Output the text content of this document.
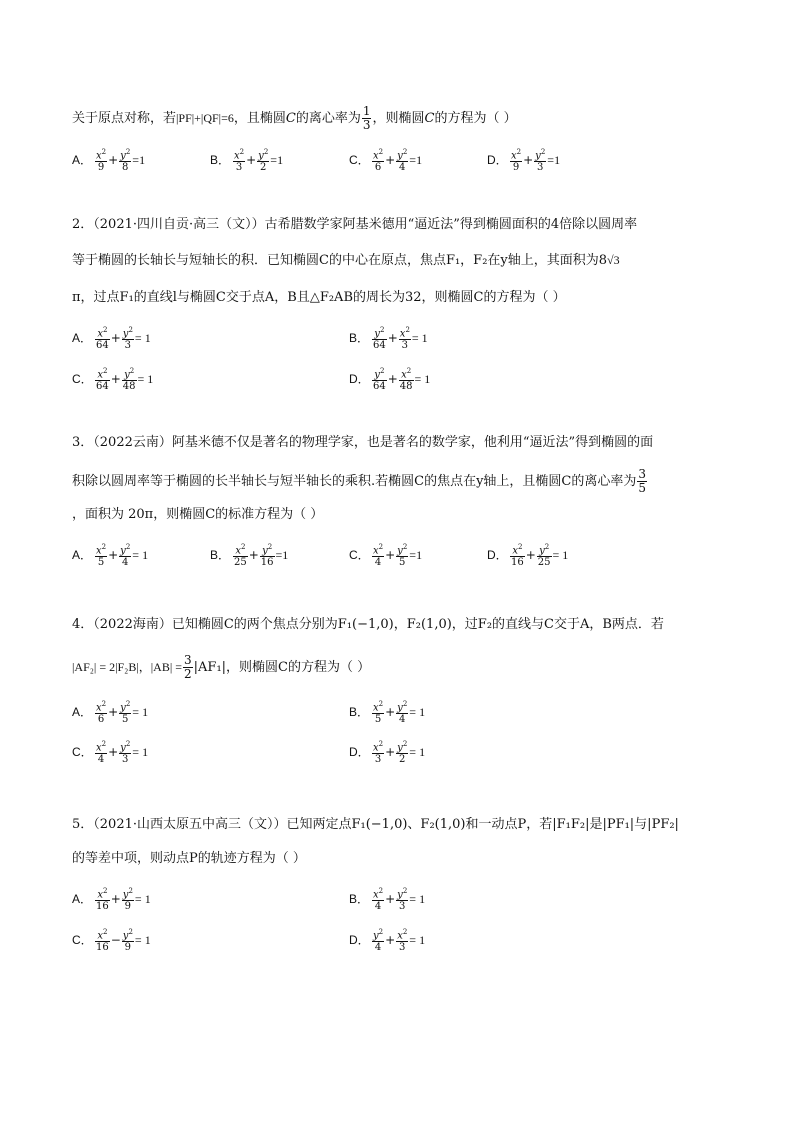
关于原点对称，若|PF|+|QF|=6，且椭圆C的离心率为 $\frac{1}{3}$ ，则椭圆C的方程为（ ）
A． $\frac{x^2}{9} + \frac{y^2}{8} =1$	B． $\frac{x^2}{3} + \frac{y^2}{2} =1$	C． $\frac{x^2}{6} + \frac{y^2}{4} =1$	D． $\frac{x^2}{9} + \frac{y^2}{3} =1$
2．（2021·四川自贡·高三（文））古希腊数学家阿基米德用“逼近法”得到椭圆面积的4倍除以圆周率
等于椭圆的长轴长与短轴长的积．已知椭圆C的中心在原点，焦点F₁，F₂在y轴上，其面积为8√3
π，过点F₁的直线l与椭圆C交于点A，B且△F₂AB的周长为32，则椭圆C的方程为（ ）
A． $\frac{x^2}{64} + \frac{y^2}{3} = 1$	B． $\frac{y^2}{64} + \frac{x^2}{3} = 1$
C． $\frac{x^2}{64} + \frac{y^2}{48} = 1$	D． $\frac{y^2}{64} + \frac{x^2}{48} = 1$
3．（2022云南）阿基米德不仅是著名的物理学家，也是著名的数学家，他利用“逼近法”得到椭圆的面
积除以圆周率等于椭圆的长半轴长与短半轴长的乘积.若椭圆C的焦点在y轴上，且椭圆C的离心率为 $\frac{3}{5}$
，面积为 20π，则椭圆C的标准方程为（ ）
A． $\frac{x^2}{5} + \frac{y^2}{4} = 1$	B． $\frac{x^2}{25} + \frac{y^2}{16} =1$	C． $\frac{x^2}{4} + \frac{y^2}{5} =1$	D． $\frac{x^2}{16} + \frac{y^2}{25} = 1$
4．（2022海南）已知椭圆C的两个焦点分别为F₁(−1,0)，F₂(1,0)，过F₂的直线与C交于A，B两点．若
|AF₂| = 2|F₂B|，$|AB| = \frac{3}{2} |AF_1|$，则椭圆C的方程为（ ）
A． $\frac{x^2}{6} + \frac{y^2}{5} = 1$	B． $\frac{x^2}{5} + \frac{y^2}{4} = 1$
C． $\frac{x^2}{4} + \frac{y^2}{3} = 1$	D． $\frac{x^2}{3} + \frac{y^2}{2} = 1$
5．（2021·山西太原五中高三（文））已知两定点F₁(−1,0)、F₂(1,0)和一动点P，若|F₁F₂|是|PF₁|与|PF₂|
的等差中项，则动点P的轨迹方程为（ ）
A． $\frac{x^2}{16} + \frac{y^2}{9} = 1$	B． $\frac{x^2}{4} + \frac{y^2}{3} = 1$
C． $\frac{x^2}{16} - \frac{y^2}{9} = 1$	D． $\frac{y^2}{4} + \frac{x^2}{3} = 1$
